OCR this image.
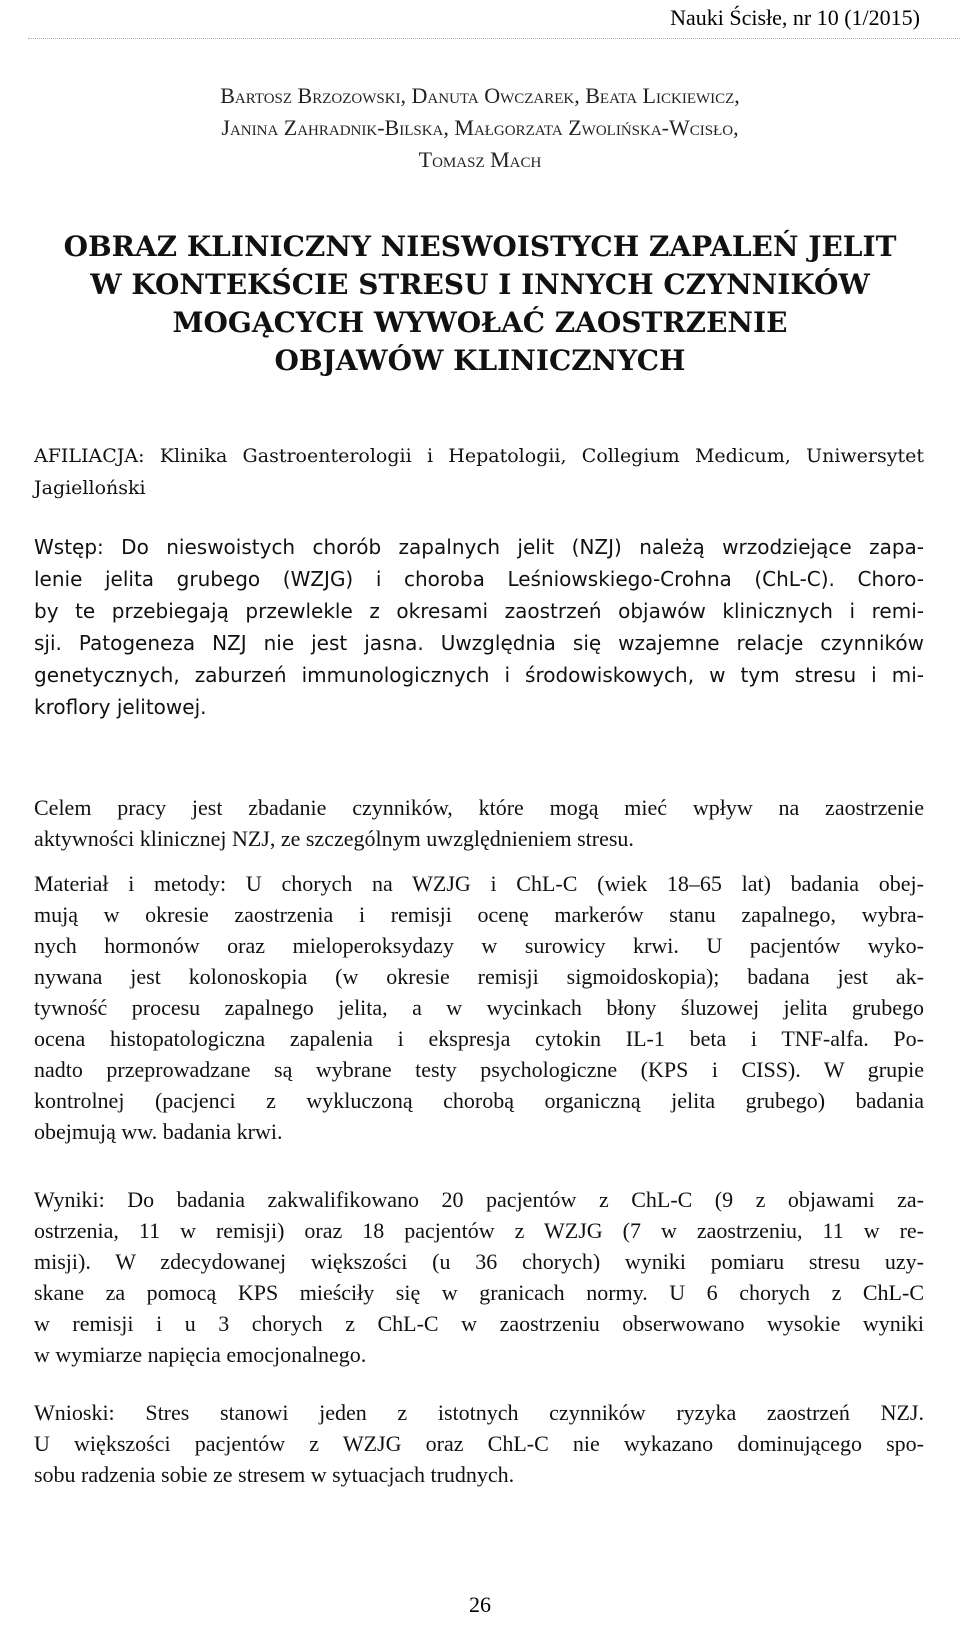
Nauki Ścisłe, nr 10 (1/2015)
Bartosz Brzozowski, Danuta Owczarek, Beata Lickiewicz,
Janina Zahradnik-Bilska, Małgorzata Zwolińska-Wcisło,
Tomasz Mach
OBRAZ KLINICZNY NIESWOISTYCH ZAPALEŃ JELIT
W KONTEKŚCIE STRESU I INNYCH CZYNNIKÓW
MOGĄCYCH WYWOŁAĆ ZAOSTRZENIE
OBJAWÓW KLINICZNYCH
AFILIACJA: Klinika Gastroenterologii i Hepatologii, Collegium Medicum, Uniwersytet Jagielloński
Wstęp: Do nieswoistych chorób zapalnych jelit (NZJ) należą wrzodziejące zapa-
lenie jelita grubego (WZJG) i choroba Leśniowskiego-Crohna (ChL-C). Choro-
by te przebiegają przewlekle z okresami zaostrzeń objawów klinicznych i remi-
sji. Patogeneza NZJ nie jest jasna. Uwzględnia się wzajemne relacje czynników
genetycznych, zaburzeń immunologicznych i środowiskowych, w tym stresu i mi-
kroflory jelitowej.
Celem pracy jest zbadanie czynników, które mogą mieć wpływ na zaostrzenie
aktywności klinicznej NZJ, ze szczególnym uwzględnieniem stresu.
Materiał i metody: U chorych na WZJG i ChL-C (wiek 18–65 lat) badania obej-
mują w okresie zaostrzenia i remisji ocenę markerów stanu zapalnego, wybra-
nych hormonów oraz mieloperoksydazy w surowicy krwi. U pacjentów wyko-
nywana jest kolonoskopia (w okresie remisji sigmoidoskopia); badana jest ak-
tywność procesu zapalnego jelita, a w wycinkach błony śluzowej jelita grubego
ocena histopatologiczna zapalenia i ekspresja cytokin IL-1 beta i TNF-alfa. Po-
nadto przeprowadzane są wybrane testy psychologiczne (KPS i CISS). W grupie
kontrolnej (pacjenci z wykluczoną chorobą organiczną jelita grubego) badania
obejmują ww. badania krwi.
Wyniki: Do badania zakwalifikowano 20 pacjentów z ChL-C (9 z objawami za-
ostrzenia, 11 w remisji) oraz 18 pacjentów z WZJG (7 w zaostrzeniu, 11 w re-
misji). W zdecydowanej większości (u 36 chorych) wyniki pomiaru stresu uzy-
skane za pomocą KPS mieściły się w granicach normy. U 6 chorych z ChL-C
w remisji i u 3 chorych z ChL-C w zaostrzeniu obserwowano wysokie wyniki
w wymiarze napięcia emocjonalnego.
Wnioski: Stres stanowi jeden z istotnych czynników ryzyka zaostrzeń NZJ.
U większości pacjentów z WZJG oraz ChL-C nie wykazano dominującego spo-
sobu radzenia sobie ze stresem w sytuacjach trudnych.
26
